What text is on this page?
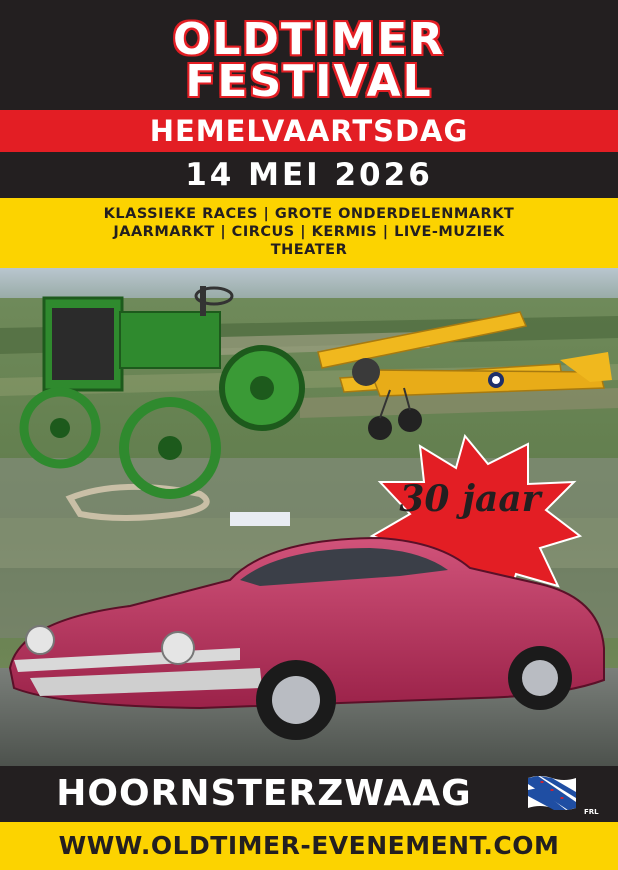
OLDTIMER
FESTIVAL
HEMELVAARTSDAG
14 MEI 2026
KLASSIEKE RACES | GROTE ONDERDELENMARKT
JAARMARKT | CIRCUS | KERMIS | LIVE-MUZIEK
THEATER
30 jaar
HOORNSTERZWAAG	FRL
WWW.OLDTIMER-EVENEMENT.COM
